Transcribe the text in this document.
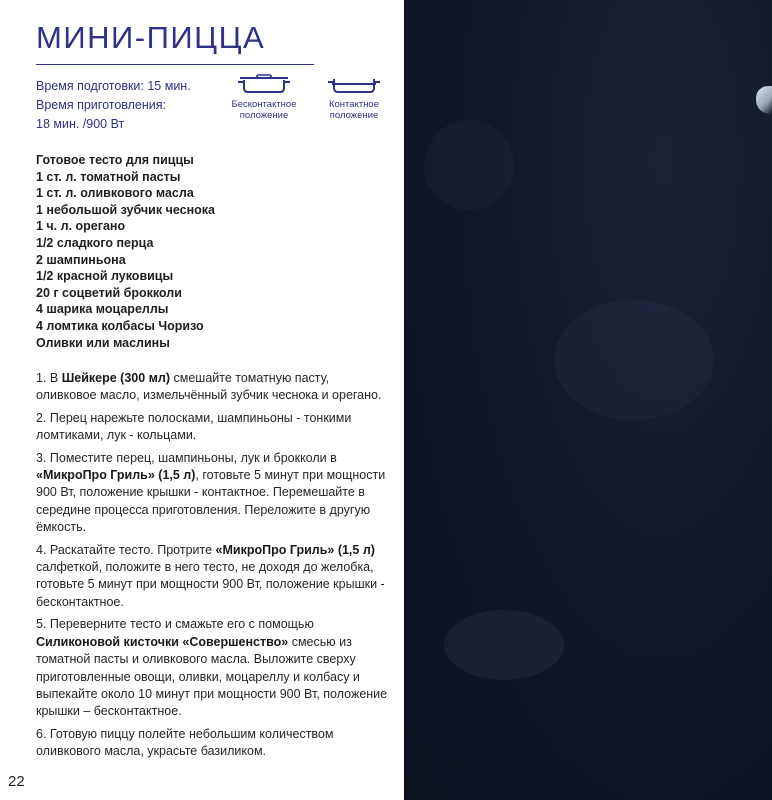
МИНИ-ПИЦЦА
Время подготовки: 15 мин.
Время приготовления:
18 мин. /900 Вт
Бесконтактное
положение
Контактное
положение
Готовое тесто для пиццы
1 ст. л. томатной пасты
1 ст. л. оливкового масла
1 небольшой зубчик чеснока
1 ч. л. орегано
1/2 сладкого перца
2 шампиньона
1/2 красной луковицы
20 г соцветий брокколи
4 шарика моцареллы
4 ломтика колбасы Чоризо
Оливки или маслины
1. В Шейкере (300 мл) смешайте томатную пасту, оливковое масло, измельчённый зубчик чеснока и орегано.
2. Перец нарежьте полосками, шампиньоны - тонкими ломтиками, лук - кольцами.
3. Поместите перец, шампиньоны, лук и брокколи в «МикроПро Гриль» (1,5 л), готовьте 5 минут при мощности 900 Вт, положение крышки - контактное. Перемешайте в середине процесса приготовления. Переложите в другую ёмкость.
4. Раскатайте тесто. Протрите «МикроПро Гриль» (1,5 л) салфеткой, положите в него тесто, не доходя до желобка, готовьте 5 минут при мощности 900 Вт, положение крышки - бесконтактное.
5. Переверните тесто и смажьте его с помощью Силиконовой кисточки «Совершенство» смесью из томатной пасты и оливкового масла. Выложите сверху приготовленные овощи, оливки, моцареллу и колбасу и выпекайте около 10 минут при мощности 900 Вт, положение крышки – бесконтактное.
6. Готовую пиццу полейте небольшим количеством оливкового масла, украсьте базиликом.
22
